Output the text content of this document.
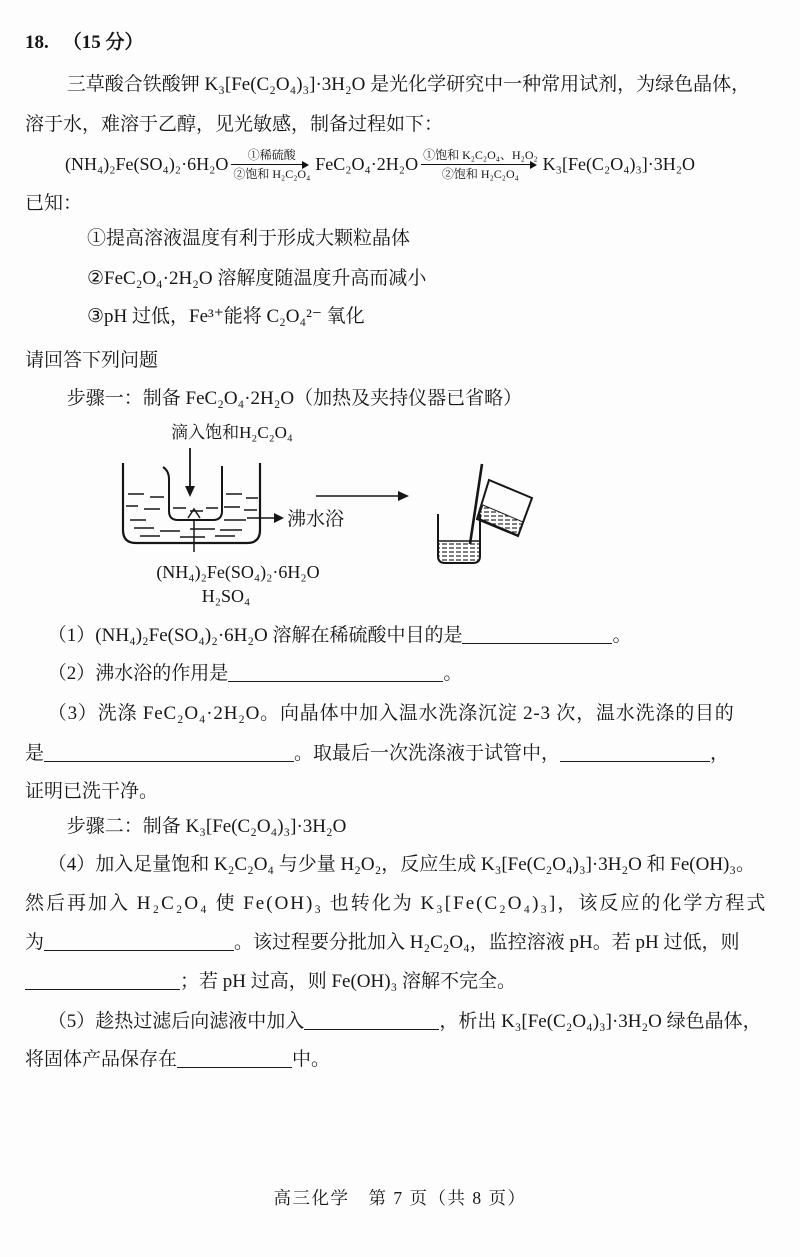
18. （15 分）
三草酸合铁酸钾 K₃[Fe(C₂O₄)₃]·3H₂O 是光化学研究中一种常用试剂，为绿色晶体，
溶于水，难溶于乙醇，见光敏感，制备过程如下：
(NH₄)₂Fe(SO₄)₂·6H₂O ①稀硫酸
②饱和 H₂C₂O₄ FeC₂O₄·2H₂O ①饱和 K₂C₂O₄、H₂O₂
②饱和 H₂C₂O₄ K₃[Fe(C₂O₄)₃]·3H₂O
已知：
①提高溶液温度有利于形成大颗粒晶体
②FeC₂O₄·2H₂O 溶解度随温度升高而减小
③pH 过低，Fe³⁺能将 C₂O₄²⁻ 氧化
请回答下列问题
步骤一：制备 FeC₂O₄·2H₂O（加热及夹持仪器已省略）
滴入饱和H₂C₂O₄
沸水浴
(NH₄)₂Fe(SO₄)₂·6H₂O
H₂SO₄
（1）(NH₄)₂Fe(SO₄)₂·6H₂O 溶解在稀硫酸中目的是	。
（2）沸水浴的作用是	。
（3）洗涤 FeC₂O₄·2H₂O。向晶体中加入温水洗涤沉淀 2-3 次，温水洗涤的目的
是	。取最后一次洗涤液于试管中，	，
证明已洗干净。
步骤二：制备 K₃[Fe(C₂O₄)₃]·3H₂O
（4）加入足量饱和 K₂C₂O₄ 与少量 H₂O₂，反应生成 K₃[Fe(C₂O₄)₃]·3H₂O 和 Fe(OH)₃。
然后再加入 H₂C₂O₄ 使 Fe(OH)₃ 也转化为 K₃[Fe(C₂O₄)₃]，该反应的化学方程式
为	。该过程要分批加入 H₂C₂O₄，监控溶液 pH。若 pH 过低，则
；若 pH 过高，则 Fe(OH)₃ 溶解不完全。
（5）趁热过滤后向滤液中加入	，析出 K₃[Fe(C₂O₄)₃]·3H₂O 绿色晶体，
将固体产品保存在	中。
高三化学　第 7 页（共 8 页）
